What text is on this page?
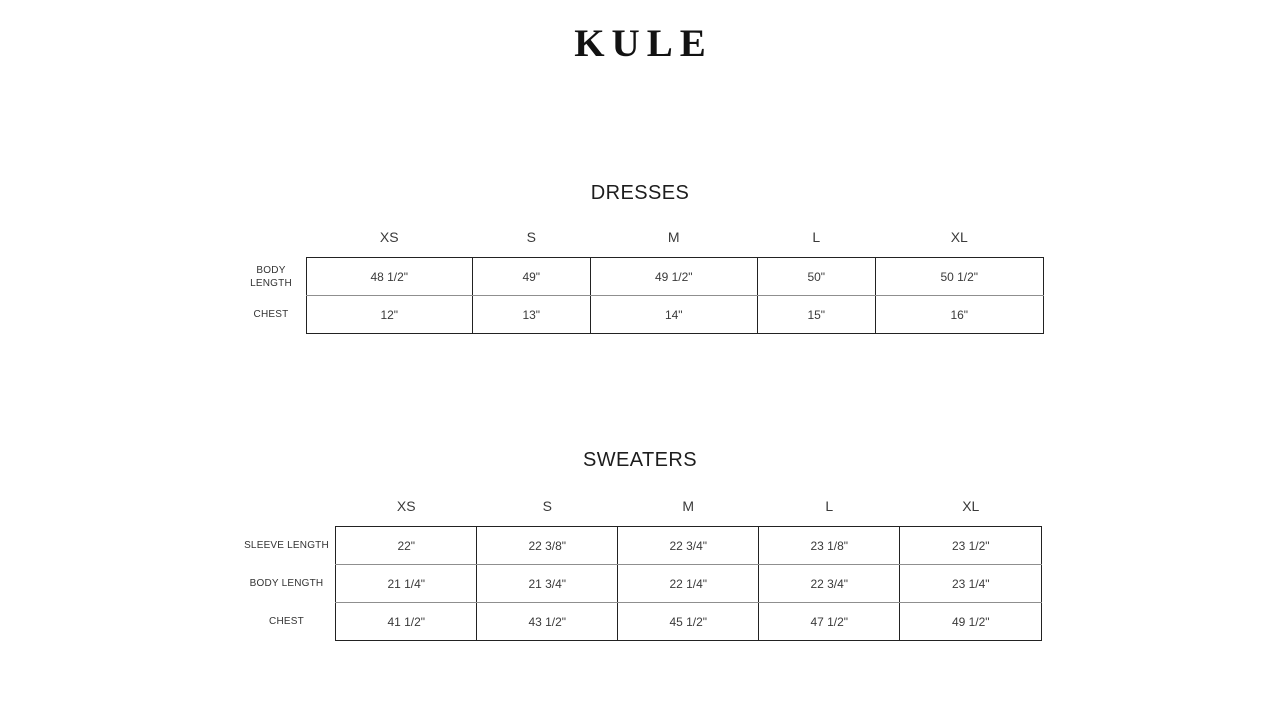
KULE
DRESSES
	XS	S	M	L	XL
BODY LENGTH	48 1/2"	49"	49 1/2"	50"	50 1/2"
CHEST	12"	13"	14"	15"	16"
SWEATERS
	XS	S	M	L	XL
SLEEVE LENGTH	22"	22 3/8"	22 3/4"	23 1/8"	23 1/2"
BODY LENGTH	21 1/4"	21 3/4"	22 1/4"	22 3/4"	23 1/4"
CHEST	41 1/2"	43 1/2"	45 1/2"	47 1/2"	49 1/2"
